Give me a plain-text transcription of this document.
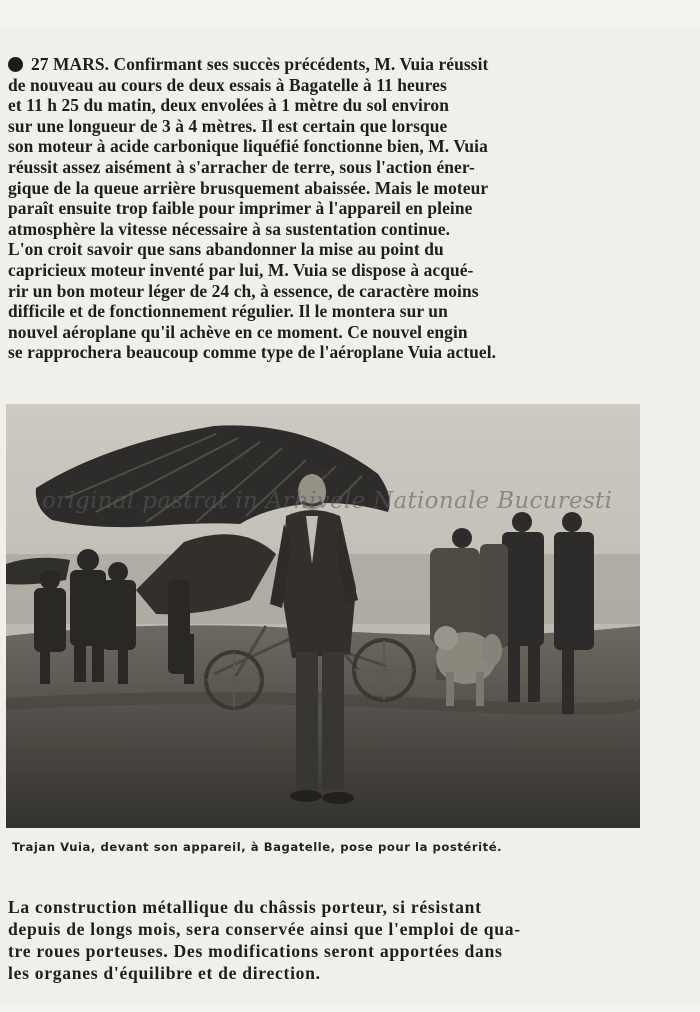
27 MARS. Confirmant ses succès précédents, M. Vuia réussit
de nouveau au cours de deux essais à Bagatelle à 11 heures
et 11 h 25 du matin, deux envolées à 1 mètre du sol environ
sur une longueur de 3 à 4 mètres. Il est certain que lorsque
son moteur à acide carbonique liquéfié fonctionne bien, M. Vuia
réussit assez aisément à s'arracher de terre, sous l'action éner-
gique de la queue arrière brusquement abaissée. Mais le moteur
paraît ensuite trop faible pour imprimer à l'appareil en pleine
atmosphère la vitesse nécessaire à sa sustentation continue.
L'on croit savoir que sans abandonner la mise au point du
capricieux moteur inventé par lui, M. Vuia se dispose à acqué-
rir un bon moteur léger de 24 ch, à essence, de caractère moins
difficile et de fonctionnement régulier. Il le montera sur un
nouvel aéroplane qu'il achève en ce moment. Ce nouvel engin
se rapprochera beaucoup comme type de l'aéroplane Vuia actuel.
original pastrat in Arhivele Nationale Bucuresti
Trajan Vuia, devant son appareil, à Bagatelle, pose pour la postérité.
La construction métallique du châssis porteur, si résistant
depuis de longs mois, sera conservée ainsi que l'emploi de qua-
tre roues porteuses. Des modifications seront apportées dans
les organes d'équilibre et de direction.
